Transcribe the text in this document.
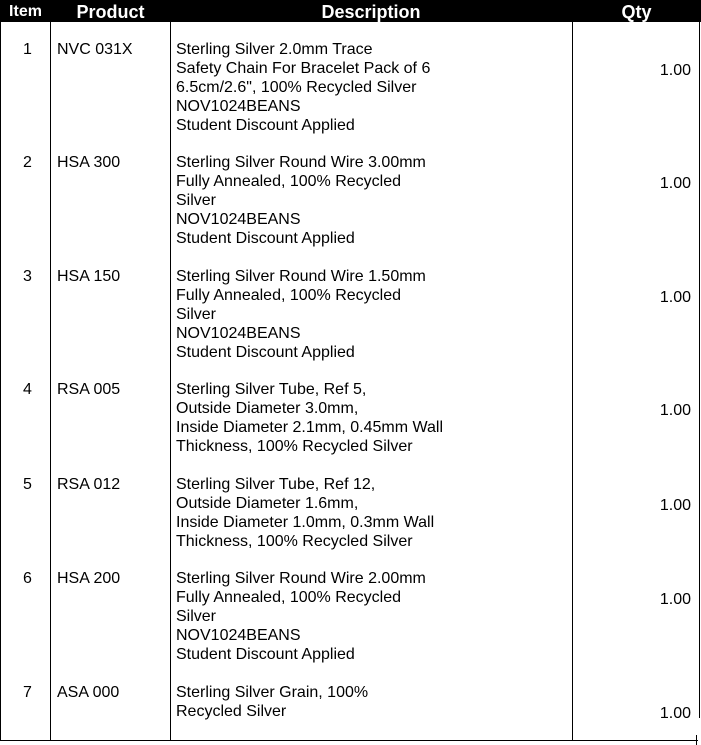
Item	Product	Description	Qty
1	NVC 031X	Sterling Silver 2.0mm Trace
Safety Chain For Bracelet Pack of 6
6.5cm/2.6", 100% Recycled Silver
NOV1024BEANS
Student Discount Applied
1.00
2	HSA 300	Sterling Silver Round Wire 3.00mm
Fully Annealed, 100% Recycled
Silver
NOV1024BEANS
Student Discount Applied
1.00
3	HSA 150	Sterling Silver Round Wire 1.50mm
Fully Annealed, 100% Recycled
Silver
NOV1024BEANS
Student Discount Applied
1.00
4	RSA 005	Sterling Silver Tube, Ref 5,
Outside Diameter 3.0mm,
Inside Diameter 2.1mm, 0.45mm Wall
Thickness, 100% Recycled Silver
1.00
5	RSA 012	Sterling Silver Tube, Ref 12,
Outside Diameter 1.6mm,
Inside Diameter 1.0mm, 0.3mm Wall
Thickness, 100% Recycled Silver
1.00
6	HSA 200	Sterling Silver Round Wire 2.00mm
Fully Annealed, 100% Recycled
Silver
NOV1024BEANS
Student Discount Applied
1.00
7	ASA 000	Sterling Silver Grain, 100%
Recycled Silver	1.00
